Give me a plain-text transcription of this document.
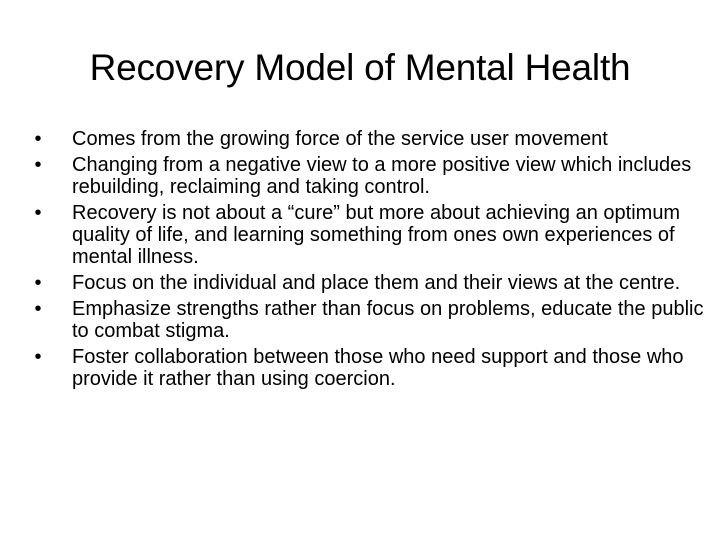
Recovery Model of Mental Health
• Comes from the growing force of the service user movement
• Changing from a negative view to a more positive view which includes rebuilding, reclaiming and taking control.
• Recovery is not about a “cure” but more about achieving an optimum quality of life, and learning something from ones own experiences of mental illness.
• Focus on the individual and place them and their views at the centre.
• Emphasize strengths rather than focus on problems, educate the public to combat stigma.
• Foster collaboration between those who need support and those who provide it rather than using coercion.
